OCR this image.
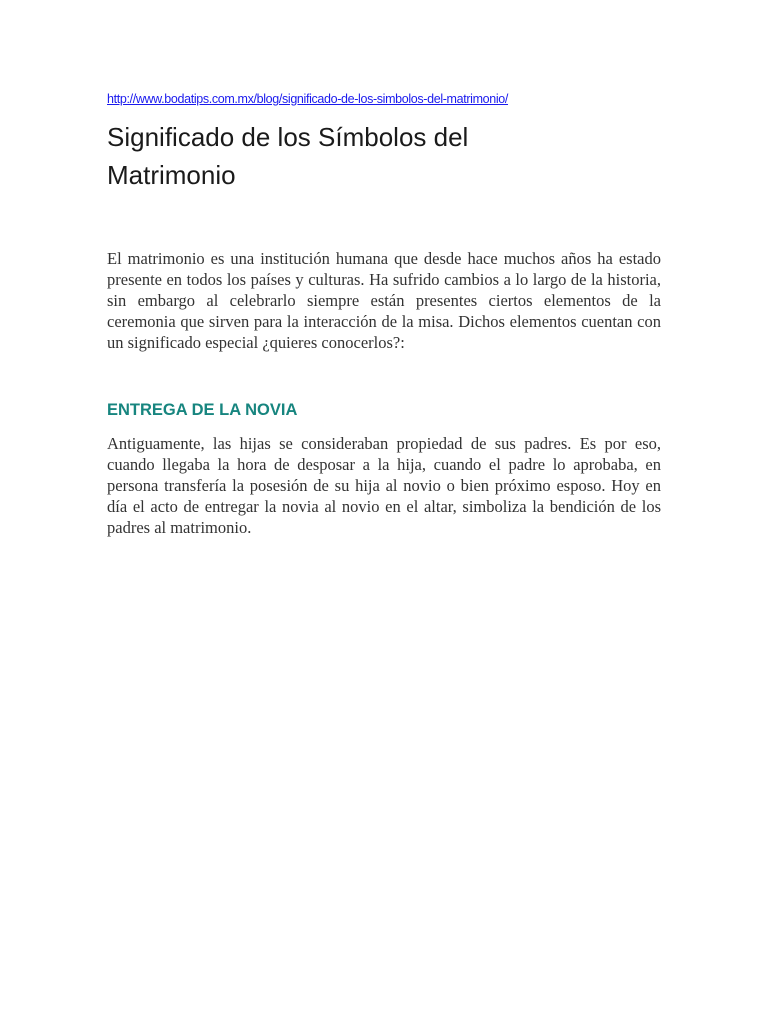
http://www.bodatips.com.mx/blog/significado-de-los-simbolos-del-matrimonio/
Significado de los Símbolos del
Matrimonio

El matrimonio es una institución humana que desde hace muchos años ha estado presente en todos los países y culturas. Ha sufrido cambios a lo largo de la historia, sin embargo al celebrarlo siempre están presentes ciertos elementos de la ceremonia que sirven para la interacción de la misa. Dichos elementos cuentan con un significado especial ¿quieres conocerlos?:

ENTREGA DE LA NOVIA

Antiguamente, las hijas se consideraban propiedad de sus padres. Es por eso, cuando llegaba la hora de desposar a la hija, cuando el padre lo aprobaba, en persona transfería la posesión de su hija al novio o bien próximo esposo. Hoy en día el acto de entregar la novia al novio en el altar, simboliza la bendición de los padres al matrimonio.
